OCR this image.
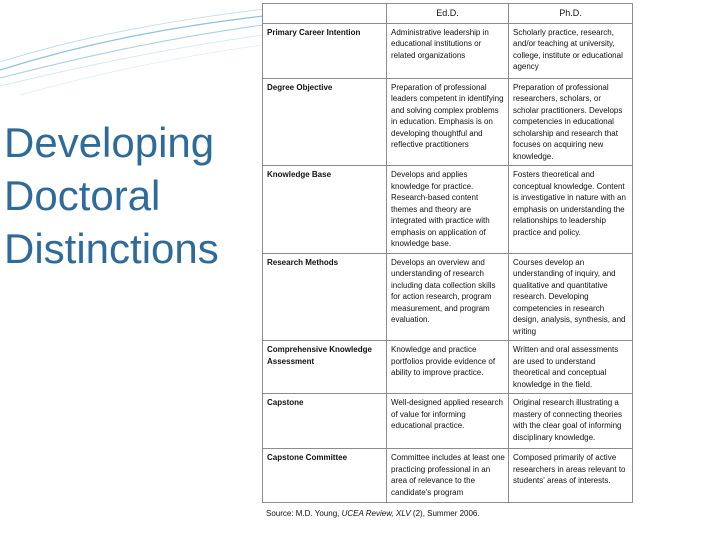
Developing
Doctoral
Distinctions
	Ed.D.	Ph.D.
Primary Career Intention	Administrative leadership in educational institutions or related organizations	Scholarly practice, research, and/or teaching at university, college, institute or educational agency
Degree Objective	Preparation of professional leaders competent in identifying and solving complex problems in education. Emphasis is on developing thoughtful and reflective practitioners	Preparation of professional researchers, scholars, or scholar practitioners. Develops competencies in educational scholarship and research that focuses on acquiring new knowledge.
Knowledge Base	Develops and applies knowledge for practice. Research-based content themes and theory are integrated with practice with emphasis on application of knowledge base.	Fosters theoretical and conceptual knowledge. Content is investigative in nature with an emphasis on understanding the relationships to leadership practice and policy.
Research Methods	Develops an overview and understanding of research including data collection skills for action research, program measurement, and program evaluation.	Courses develop an understanding of inquiry, and qualitative and quantitative research. Developing competencies in research design, analysis, synthesis, and writing
Comprehensive Knowledge Assessment	Knowledge and practice portfolios provide evidence of ability to improve practice.	Written and oral assessments are used to understand theoretical and conceptual knowledge in the field.
Capstone	Well-designed applied research of value for informing educational practice.	Original research illustrating a mastery of connecting theories with the clear goal of informing disciplinary knowledge.
Capstone Committee	Committee includes at least one practicing professional in an area of relevance to the candidate's program	Composed primarily of active researchers in areas relevant to students' areas of interests.
Source: M.D. Young, UCEA Review, XLV (2), Summer 2006.
